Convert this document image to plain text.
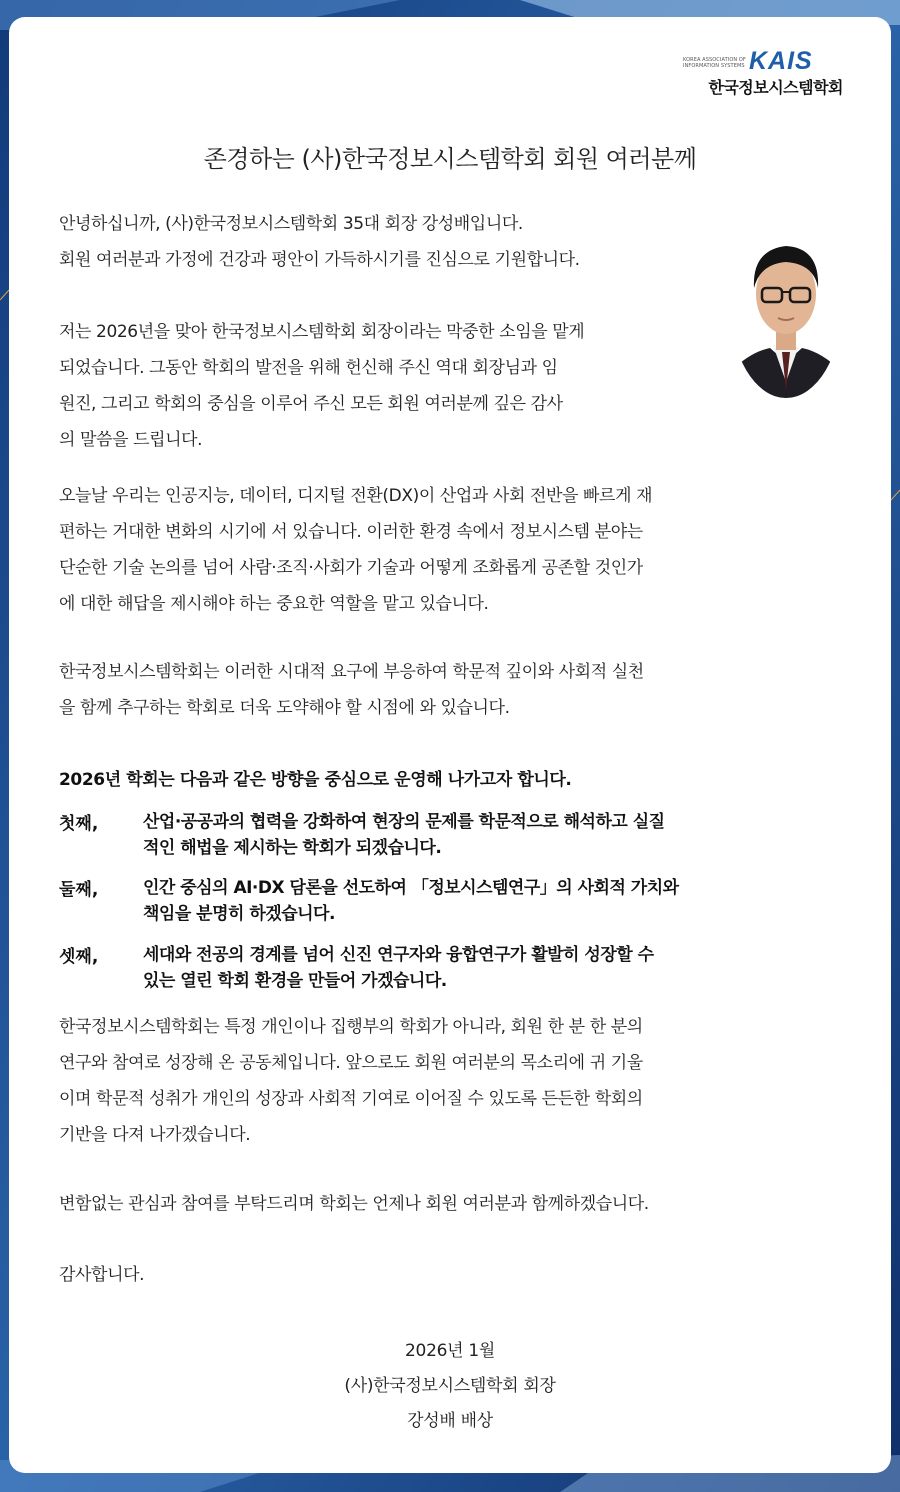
KOREA ASSOCIATION OF INFORMATION SYSTEMS KAIS
한국정보시스템학회
존경하는 (사)한국정보시스템학회 회원 여러분께
안녕하십니까, (사)한국정보시스템학회 35대 회장 강성배입니다.
회원 여러분과 가정에 건강과 평안이 가득하시기를 진심으로 기원합니다.
저는 2026년을 맞아 한국정보시스템학회 회장이라는 막중한 소임을 맡게
되었습니다. 그동안 학회의 발전을 위해 헌신해 주신 역대 회장님과 임
원진, 그리고 학회의 중심을 이루어 주신 모든 회원 여러분께 깊은 감사
의 말씀을 드립니다.
오늘날 우리는 인공지능, 데이터, 디지털 전환(DX)이 산업과 사회 전반을 빠르게 재
편하는 거대한 변화의 시기에 서 있습니다. 이러한 환경 속에서 정보시스템 분야는
단순한 기술 논의를 넘어 사람·조직·사회가 기술과 어떻게 조화롭게 공존할 것인가
에 대한 해답을 제시해야 하는 중요한 역할을 맡고 있습니다.
한국정보시스템학회는 이러한 시대적 요구에 부응하여 학문적 깊이와 사회적 실천
을 함께 추구하는 학회로 더욱 도약해야 할 시점에 와 있습니다.
2026년 학회는 다음과 같은 방향을 중심으로 운영해 나가고자 합니다.
첫째,	산업·공공과의 협력을 강화하여 현장의 문제를 학문적으로 해석하고 실질
적인 해법을 제시하는 학회가 되겠습니다.
둘째,	인간 중심의 AI·DX 담론을 선도하여 「정보시스템연구」의 사회적 가치와
책임을 분명히 하겠습니다.
셋째,	세대와 전공의 경계를 넘어 신진 연구자와 융합연구가 활발히 성장할 수
있는 열린 학회 환경을 만들어 가겠습니다.
한국정보시스템학회는 특정 개인이나 집행부의 학회가 아니라, 회원 한 분 한 분의
연구와 참여로 성장해 온 공동체입니다. 앞으로도 회원 여러분의 목소리에 귀 기울
이며 학문적 성취가 개인의 성장과 사회적 기여로 이어질 수 있도록 든든한 학회의
기반을 다져 나가겠습니다.
변함없는 관심과 참여를 부탁드리며 학회는 언제나 회원 여러분과 함께하겠습니다.
감사합니다.
2026년 1월
(사)한국정보시스템학회 회장
강성배 배상
